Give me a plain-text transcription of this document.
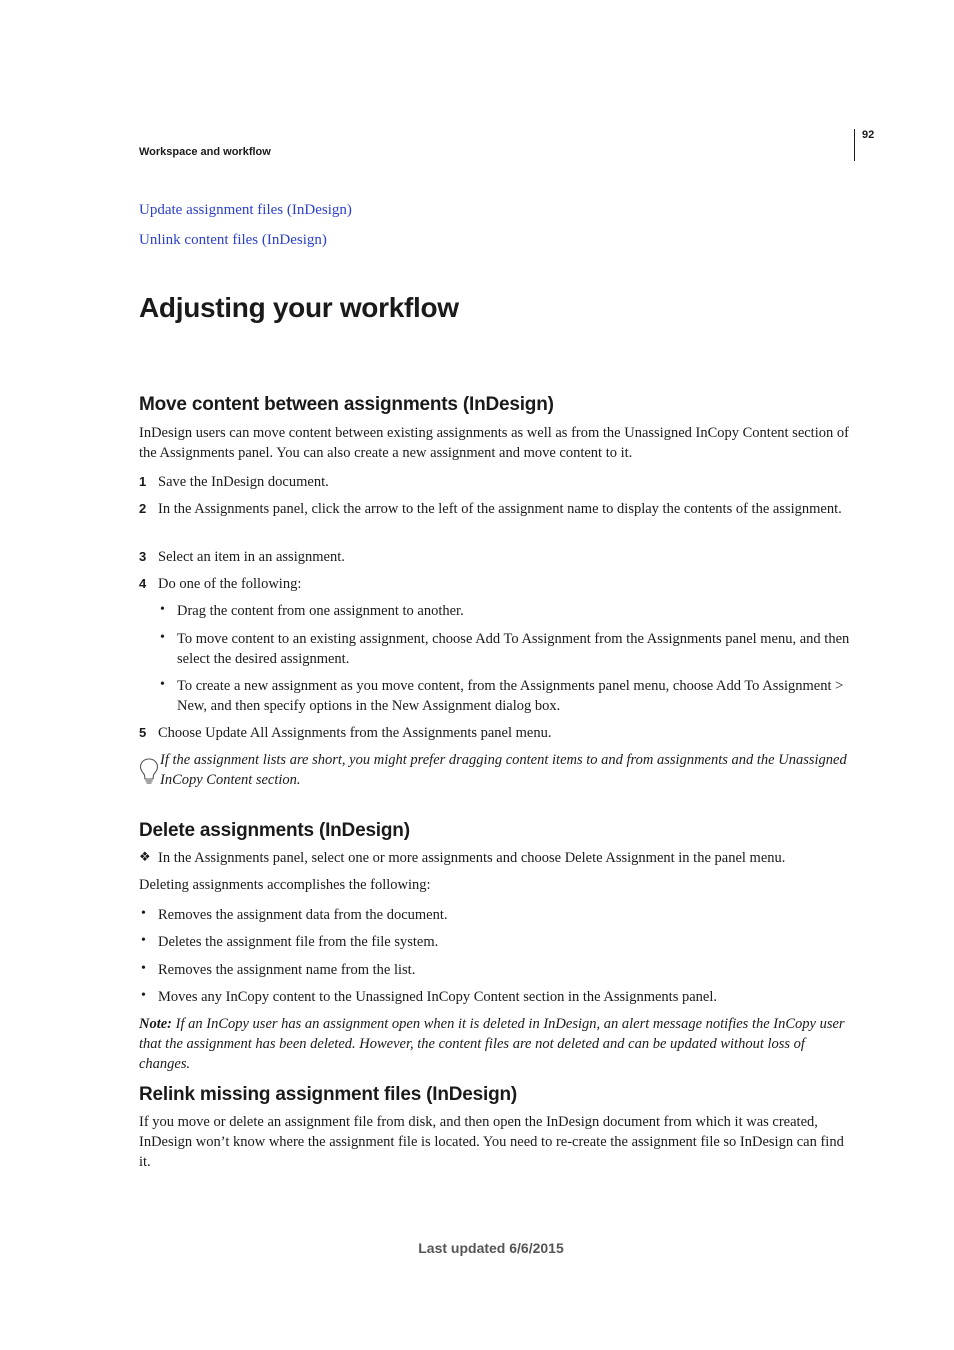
Workspace and workflow
92
Update assignment files (InDesign)
Unlink content files (InDesign)
Adjusting your workflow
Move content between assignments (InDesign)
InDesign users can move content between existing assignments as well as from the Unassigned InCopy Content section of the Assignments panel. You can also create a new assignment and move content to it.
1 Save the InDesign document.
2 In the Assignments panel, click the arrow to the left of the assignment name to display the contents of the assignment.
3 Select an item in an assignment.
4 Do one of the following:
• Drag the content from one assignment to another.
• To move content to an existing assignment, choose Add To Assignment from the Assignments panel menu, and then select the desired assignment.
• To create a new assignment as you move content, from the Assignments panel menu, choose Add To Assignment > New, and then specify options in the New Assignment dialog box.
5 Choose Update All Assignments from the Assignments panel menu.
If the assignment lists are short, you might prefer dragging content items to and from assignments and the Unassigned InCopy Content section.
Delete assignments (InDesign)
❖ In the Assignments panel, select one or more assignments and choose Delete Assignment in the panel menu.
Deleting assignments accomplishes the following:
• Removes the assignment data from the document.
• Deletes the assignment file from the file system.
• Removes the assignment name from the list.
• Moves any InCopy content to the Unassigned InCopy Content section in the Assignments panel.
Note: If an InCopy user has an assignment open when it is deleted in InDesign, an alert message notifies the InCopy user that the assignment has been deleted. However, the content files are not deleted and can be updated without loss of changes.
Relink missing assignment files (InDesign)
If you move or delete an assignment file from disk, and then open the InDesign document from which it was created, InDesign won’t know where the assignment file is located. You need to re-create the assignment file so InDesign can find it.
Last updated 6/6/2015
